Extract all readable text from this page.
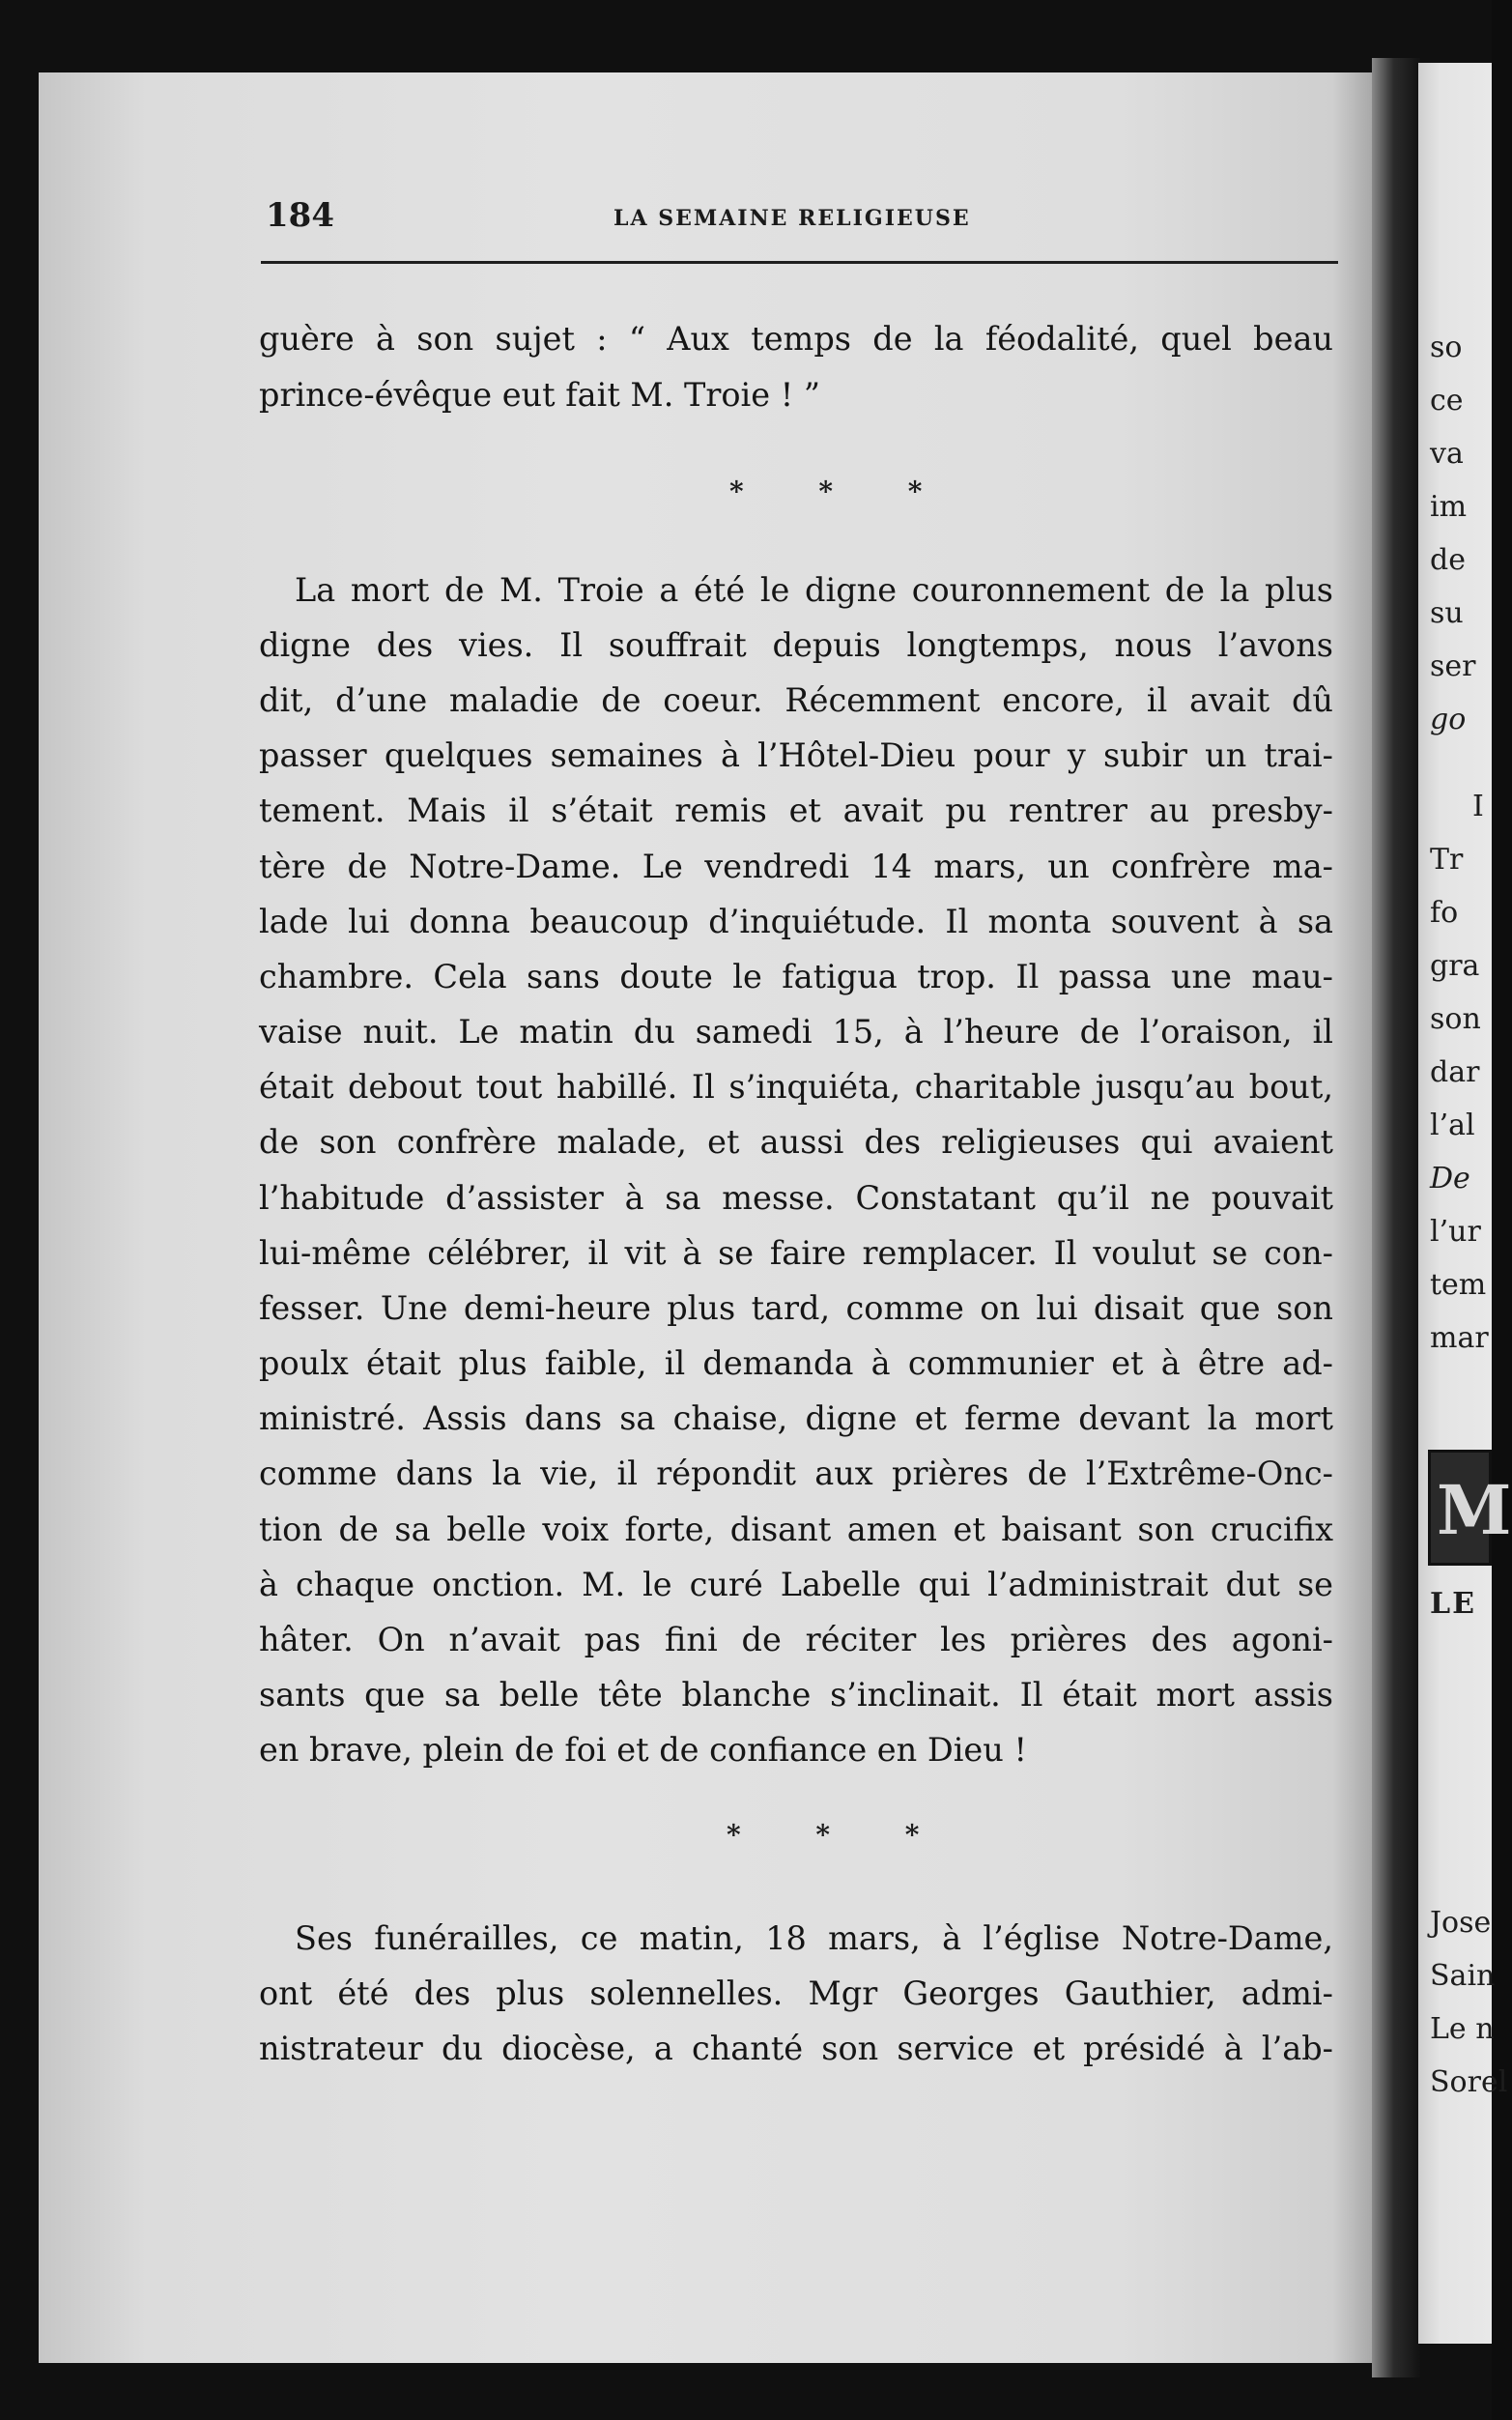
184	LA SEMAINE RELIGIEUSE
guère à son sujet : “ Aux temps de la féodalité, quel beau
prince-évêque eut fait M. Troie ! ”
* * *
La mort de M. Troie a été le digne couronnement de la plus
digne des vies. Il souffrait depuis longtemps, nous l’avons
dit, d’une maladie de coeur. Récemment encore, il avait dû
passer quelques semaines à l’Hôtel-Dieu pour y subir un trai-
tement. Mais il s’était remis et avait pu rentrer au presby-
tère de Notre-Dame. Le vendredi 14 mars, un confrère ma-
lade lui donna beaucoup d’inquiétude. Il monta souvent à sa
chambre. Cela sans doute le fatigua trop. Il passa une mau-
vaise nuit. Le matin du samedi 15, à l’heure de l’oraison, il
était debout tout habillé. Il s’inquiéta, charitable jusqu’au bout,
de son confrère malade, et aussi des religieuses qui avaient
l’habitude d’assister à sa messe. Constatant qu’il ne pouvait
lui-même célébrer, il vit à se faire remplacer. Il voulut se con-
fesser. Une demi-heure plus tard, comme on lui disait que son
poulx était plus faible, il demanda à communier et à être ad-
ministré. Assis dans sa chaise, digne et ferme devant la mort
comme dans la vie, il répondit aux prières de l’Extrême-Onc-
tion de sa belle voix forte, disant amen et baisant son crucifix
à chaque onction. M. le curé Labelle qui l’administrait dut se
hâter. On n’avait pas fini de réciter les prières des agoni-
sants que sa belle tête blanche s’inclinait. Il était mort assis
en brave, plein de foi et de confiance en Dieu !
* * *
Ses funérailles, ce matin, 18 mars, à l’église Notre-Dame,
ont été des plus solennelles. Mgr Georges Gauthier, admi-
nistrateur du diocèse, a chanté son service et présidé à l’ab-
so
ce
va
im
de
su
ser
go
I
Tr
fo
gra
son
dar
l’al
De
l’ur
tem
mar
LE
M
Jose
Sain
Le n
Sorel
